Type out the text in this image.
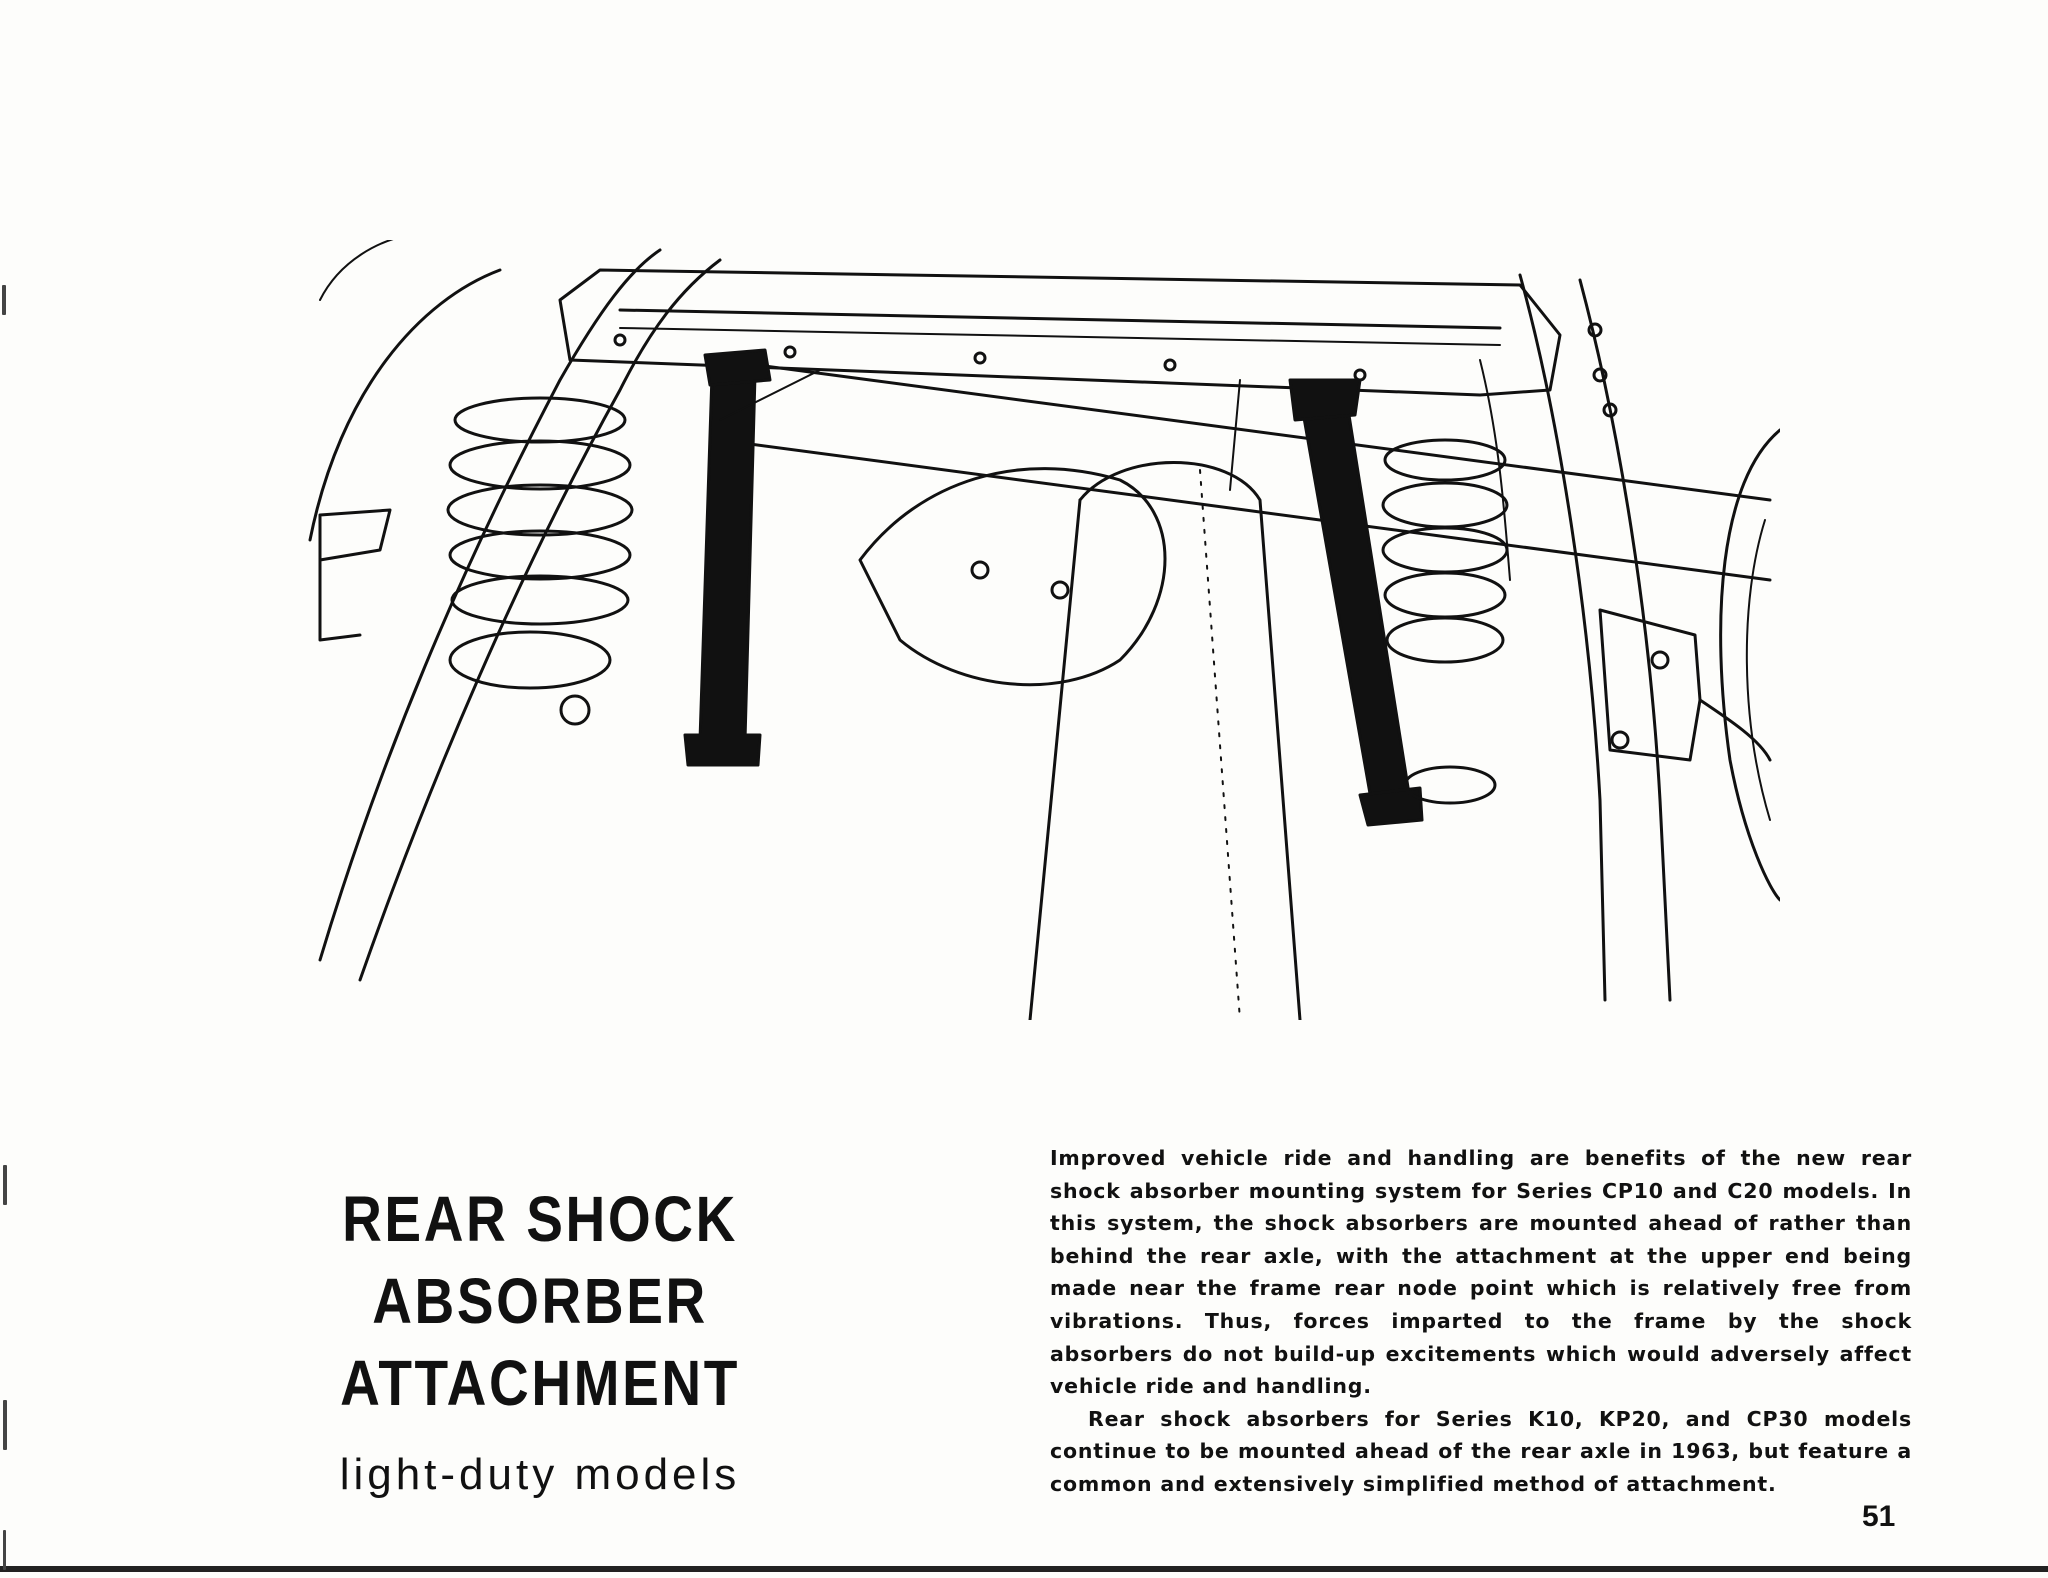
REAR SHOCK ABSORBER
ATTACHMENT
light-duty models

Improved vehicle ride and handling are benefits of the new rear shock absorber mounting system for Series CP10 and C20 models. In this system, the shock absorbers are mounted ahead of rather than behind the rear axle, with the attachment at the upper end being made near the frame rear node point which is relatively free from vibrations. Thus, forces imparted to the frame by the shock absorbers do not build-up excitements which would adversely affect vehicle ride and handling.

Rear shock absorbers for Series K10, KP20, and CP30 models continue to be mounted ahead of the rear axle in 1963, but feature a common and extensively simplified method of attachment.

51
